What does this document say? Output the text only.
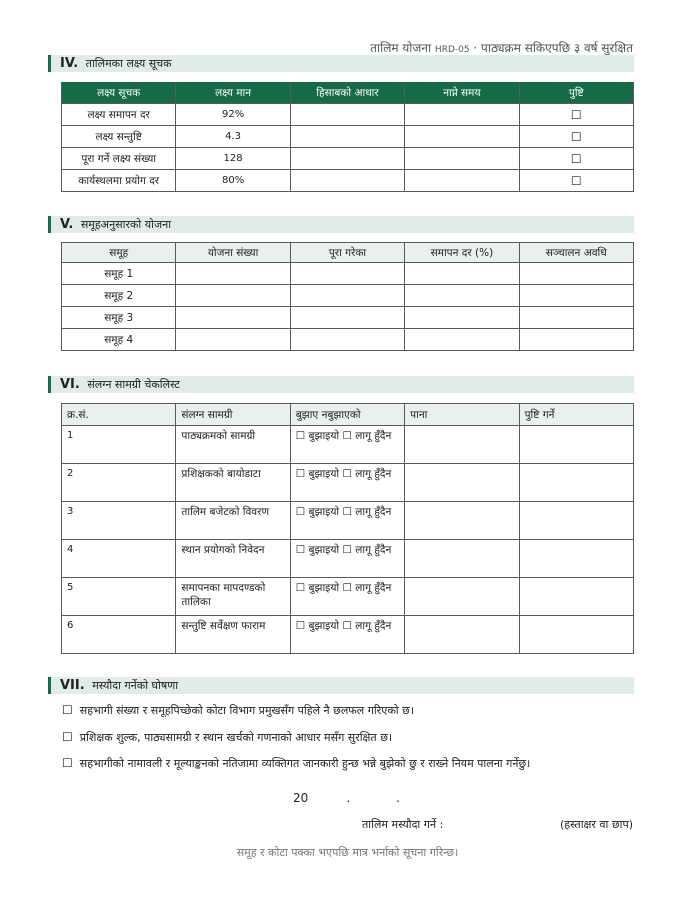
तालिम योजना HRD-05 · पाठ्यक्रम सकिएपछि ३ वर्ष सुरक्षित
IV. तालिमका लक्ष्य सूचक
लक्ष्य सूचक	लक्ष्य मान	हिसाबको आधार	नाप्ने समय	पुष्टि
लक्ष्य समापन दर	92%			☐
लक्ष्य सन्तुष्टि	4.3			☐
पूरा गर्ने लक्ष्य संख्या	128			☐
कार्यस्थलमा प्रयोग दर	80%			☐
V. समूहअनुसारको योजना
समूह	योजना संख्या	पूरा गरेका	समापन दर (%)	सञ्चालन अवधि
समूह 1				
समूह 2				
समूह 3				
समूह 4				
VI. संलग्न सामग्री चेकलिस्ट
क्र.सं.	संलग्न सामग्री	बुझाए नबुझाएको	पाना	पुष्टि गर्ने
1	पाठ्यक्रमको सामग्री	☐ बुझाइयो ☐ लागू हुँदैन		
2	प्रशिक्षकको बायोडाटा	☐ बुझाइयो ☐ लागू हुँदैन		
3	तालिम बजेटको विवरण	☐ बुझाइयो ☐ लागू हुँदैन		
4	स्थान प्रयोगको निवेदन	☐ बुझाइयो ☐ लागू हुँदैन		
5	समापनका मापदण्डको तालिका	☐ बुझाइयो ☐ लागू हुँदैन		
6	सन्तुष्टि सर्वेक्षण फाराम	☐ बुझाइयो ☐ लागू हुँदैन		
VII. मस्यौदा गर्नेको घोषणा
☐ सहभागी संख्या र समूहपिच्छेको कोटा विभाग प्रमुखसँग पहिले नै छलफल गरिएको छ।
☐ प्रशिक्षक शुल्क, पाठ्यसामग्री र स्थान खर्चको गणनाको आधार मसँग सुरक्षित छ।
☐ सहभागीको नामावली र मूल्याङ्कनको नतिजामा व्यक्तिगत जानकारी हुन्छ भन्ने बुझेको छु र राख्ने नियम पालना गर्नेछु।
20          .            .
तालिम मस्यौदा गर्ने :	(हस्ताक्षर वा छाप)
समूह र कोटा पक्का भएपछि मात्र भर्नाको सूचना गरिन्छ।
